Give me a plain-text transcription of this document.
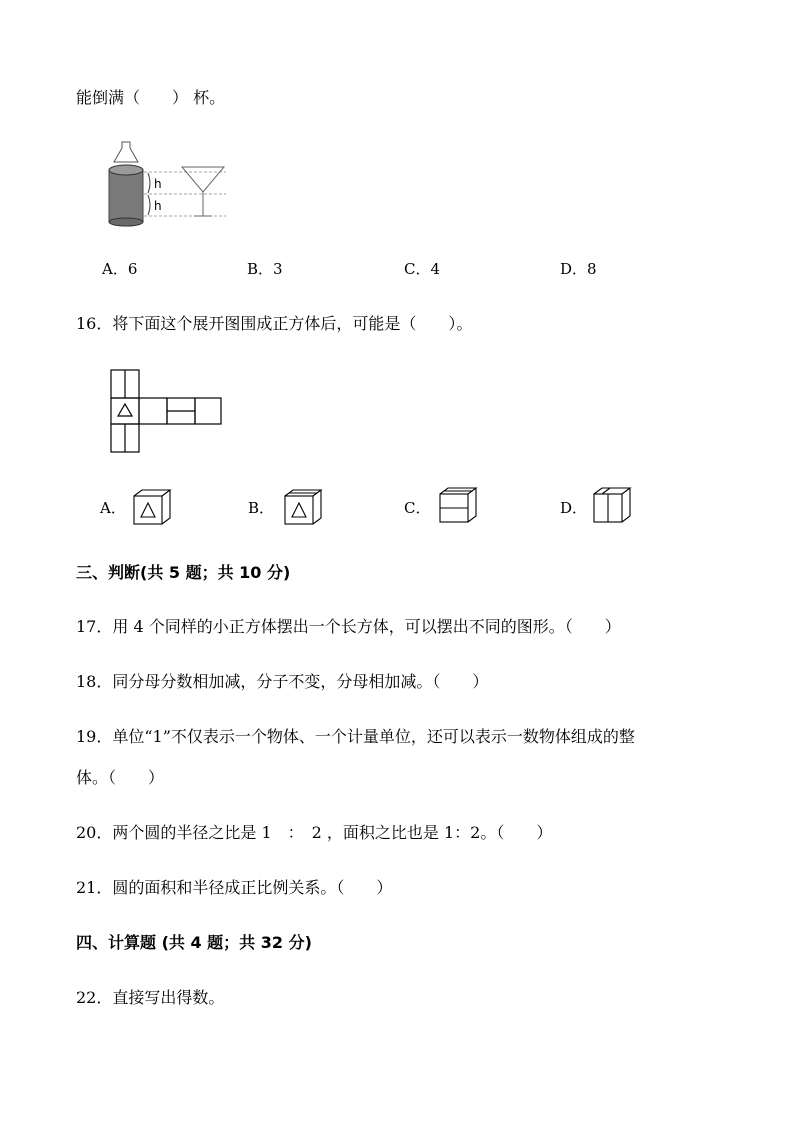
能倒满（　　） 杯。
h
h
A．6	B．3	C．4	D．8
16．将下面这个展开图围成正方体后，可能是（　　）。
A．	B．	C．	D．
三、判断(共 5 题；共 10 分)
17．用 4 个同样的小正方体摆出一个长方体，可以摆出不同的图形。（　　）
18．同分母分数相加减，分子不变，分母相加减。（　　）
19．单位“1”不仅表示一个物体、一个计量单位，还可以表示一数物体组成的整
体。（　　）
20．两个圆的半径之比是 1　：　2 ，面积之比也是 1：2。（　　）
21．圆的面积和半径成正比例关系。（　　）
四、计算题 (共 4 题；共 32 分)
22．直接写出得数。
